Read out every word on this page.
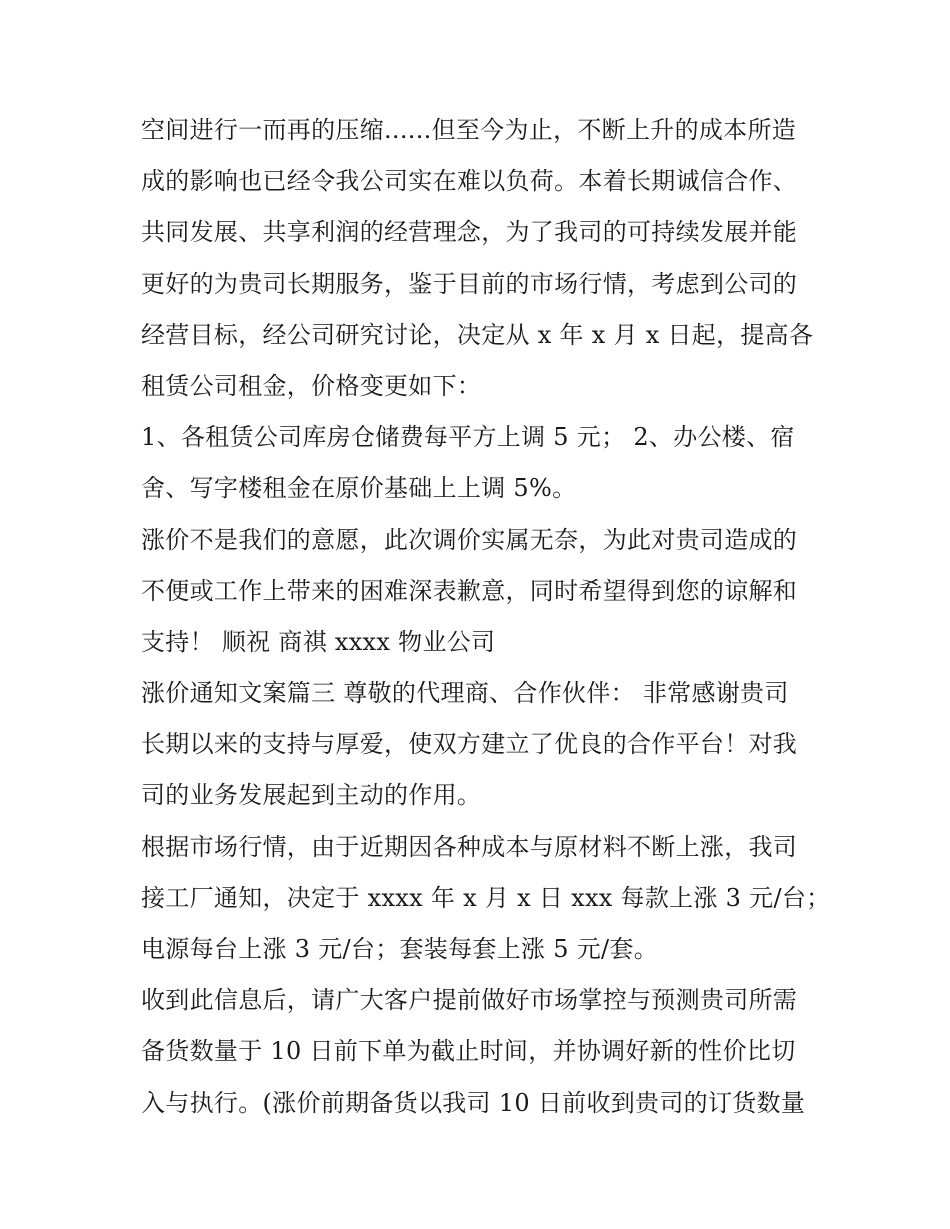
空间进行一而再的压缩......但至今为止，不断上升的成本所造
成的影响也已经令我公司实在难以负荷。本着长期诚信合作、
共同发展、共享利润的经营理念，为了我司的可持续发展并能
更好的为贵司长期服务，鉴于目前的市场行情，考虑到公司的
经营目标，经公司研究讨论，决定从 x 年 x 月 x 日起，提高各
租赁公司租金，价格变更如下：
1、各租赁公司库房仓储费每平方上调 5 元； 2、办公楼、宿
舍、写字楼租金在原价基础上上调 5%。
涨价不是我们的意愿，此次调价实属无奈，为此对贵司造成的
不便或工作上带来的困难深表歉意，同时希望得到您的谅解和
支持！ 顺祝 商祺 xxxx 物业公司
涨价通知文案篇三 尊敬的代理商、合作伙伴： 非常感谢贵司
长期以来的支持与厚爱，使双方建立了优良的合作平台！对我
司的业务发展起到主动的作用。
根据市场行情，由于近期因各种成本与原材料不断上涨，我司
接工厂通知，决定于 xxxx 年 x 月 x 日 xxx 每款上涨 3 元/台；
电源每台上涨 3 元/台；套装每套上涨 5 元/套。
收到此信息后，请广大客户提前做好市场掌控与预测贵司所需
备货数量于 10 日前下单为截止时间，并协调好新的性价比切
入与执行。(涨价前期备货以我司 10 日前收到贵司的订货数量
